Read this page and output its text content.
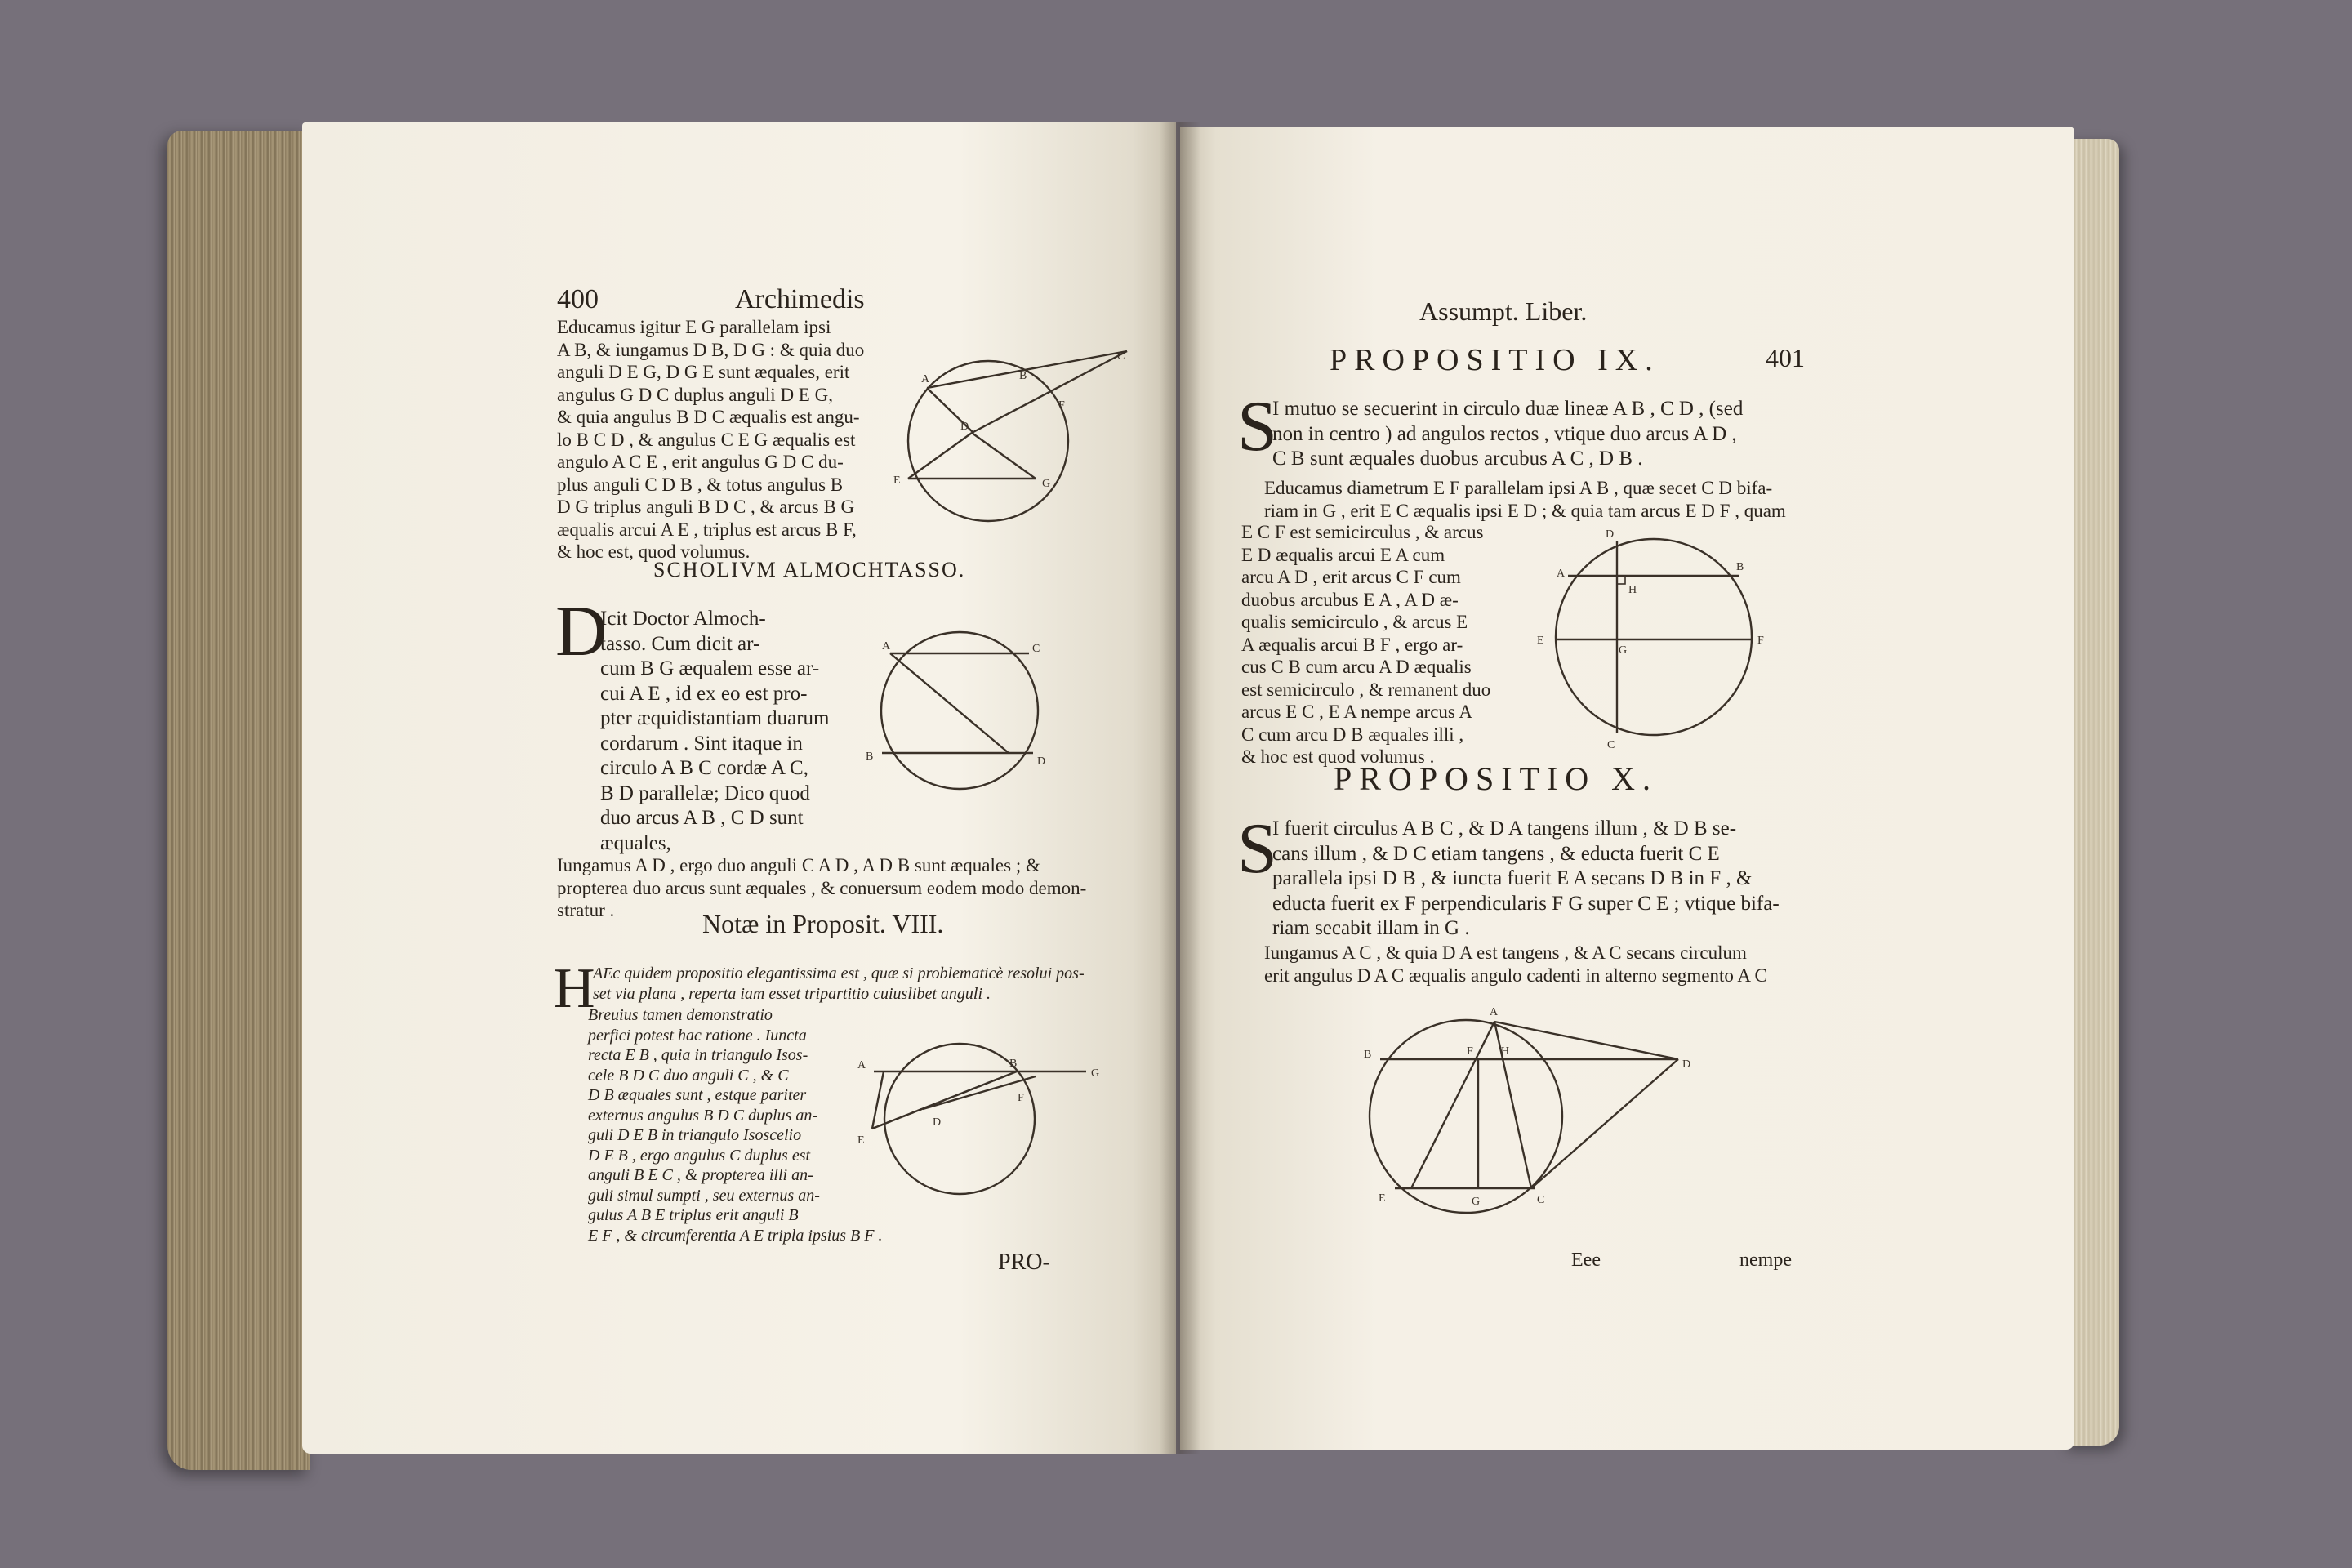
400	Archimedis
Educamus igitur E G parallelam ipsi
A B, & iungamus D B, D G : & quia duo
anguli D E G, D G E sunt æquales, erit
angulus G D C duplus anguli D E G,
& quia angulus B D C æqualis est angu-
lo B C D , & angulus C E G æqualis est
angulo A C E , erit angulus G D C du-
plus anguli C D B , & totus angulus B
D G triplus anguli B D C , & arcus B G
æqualis arcui A E , triplus est arcus B F,
& hoc est, quod volumus.
A	B
C
F
D
E	G
SCHOLIVM ALMOCHTASSO.
D
Icit Doctor Almoch-
tasso. Cum dicit ar-
cum B G æqualem esse ar-
cui A E , id ex eo est pro-
pter æquidistantiam duarum
cordarum . Sint itaque in
circulo A B C cordæ A C,
B D parallelæ; Dico quod
duo arcus A B , C D sunt
æquales,
A	C
B	D
Iungamus A D , ergo duo anguli C A D , A D B sunt æquales ; &
propterea duo arcus sunt æquales , & conuersum eodem modo demon-
stratur .	Notæ in Proposit. VIII.
H
AEc quidem propositio elegantissima est , quæ si problematicè resolui pos-
set via plana , reperta iam esset tripartitio cuiuslibet anguli .
Breuius tamen demonstratio
perfici potest hac ratione . Iuncta
recta E B , quia in triangulo Isos-
cele B D C duo anguli C , & C
D B æquales sunt , estque pariter
externus angulus B D C duplus an-
guli D E B in triangulo Isoscelio
D E B , ergo angulus C duplus est
anguli B E C , & propterea illi an-
guli simul sumpti , seu externus an-
gulus A B E triplus erit anguli B
E F , & circumferentia A E tripla ipsius B F .
A	B
G
F
D
E
PRO-
Assumpt. Liber.
401
PROPOSITIO IX.
S
I mutuo se secuerint in circulo duæ lineæ A B , C D , (sed
non in centro ) ad angulos rectos , vtique duo arcus A D ,
C B sunt æquales duobus arcubus A C , D B .
Educamus diametrum E F parallelam ipsi A B , quæ secet C D bifa-
riam in G , erit E C æqualis ipsi E D ; & quia tam arcus E D F , quam
E C F est semicirculus , & arcus
E D æqualis arcui E A cum
arcu A D , erit arcus C F cum
duobus arcubus E A , A D æ-
qualis semicirculo , & arcus E
A æqualis arcui B F , ergo ar-
cus C B cum arcu A D æqualis
est semicirculo , & remanent duo
arcus E C , E A nempe arcus A
C cum arcu D B æquales illi ,
& hoc est quod volumus .
D
A
B
H
E
G
F
C
PROPOSITIO X.
S
I fuerit circulus A B C , & D A tangens illum , & D B se-
cans illum , & D C etiam tangens , & educta fuerit C E
parallela ipsi D B , & iuncta fuerit E A secans D B in F , &
educta fuerit ex F perpendicularis F G super C E ; vtique bifa-
riam secabit illam in G .
Iungamus A C , & quia D A est tangens , & A C secans circulum
erit angulus D A C æqualis angulo cadenti in alterno segmento A C
A
B	F H
D
E	G	C
Eee	nempe
